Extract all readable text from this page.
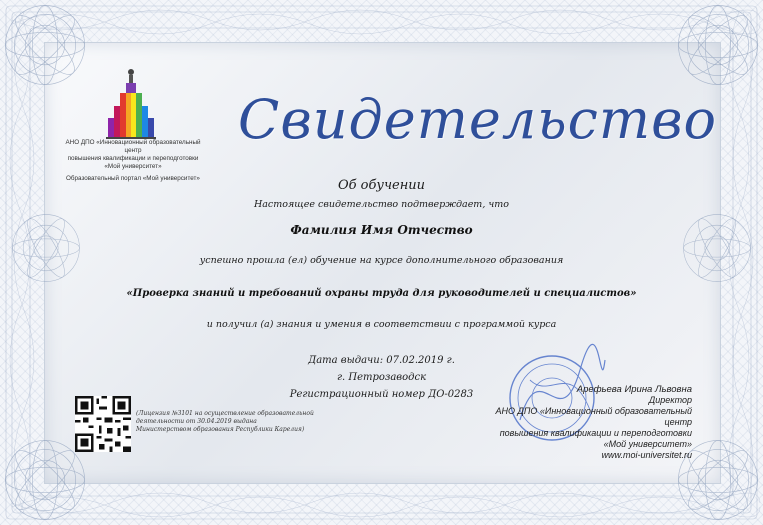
АНО ДПО «Инновационный образовательный центр
повышения квалификации и переподготовки
«Мой университет»
Образовательный портал «Мой университет»
Свидетельство
Об обучении
Настоящее свидетельство подтверждает, что
Фамилия Имя Отчество
успешно прошла (ел) обучение на курсе дополнительного образования
«Проверка знаний и требований охраны труда для руководителей и специалистов»
и получил (а) знания и умения в соответствии с программой курса
Дата выдачи: 07.02.2019 г.
г. Петрозаводск
Регистрационный номер ДО-0283
(Лицензия №3101 на осуществление образовательной
деятельности от 30.04.2019 выдана
Министерством образования Республики Карелия)
Арефьева Ирина Львовна
Директор
АНО ДПО «Инновационный образовательный центр
повышения квалификации и переподготовки
«Мой университет»
www.moi-universitet.ru
